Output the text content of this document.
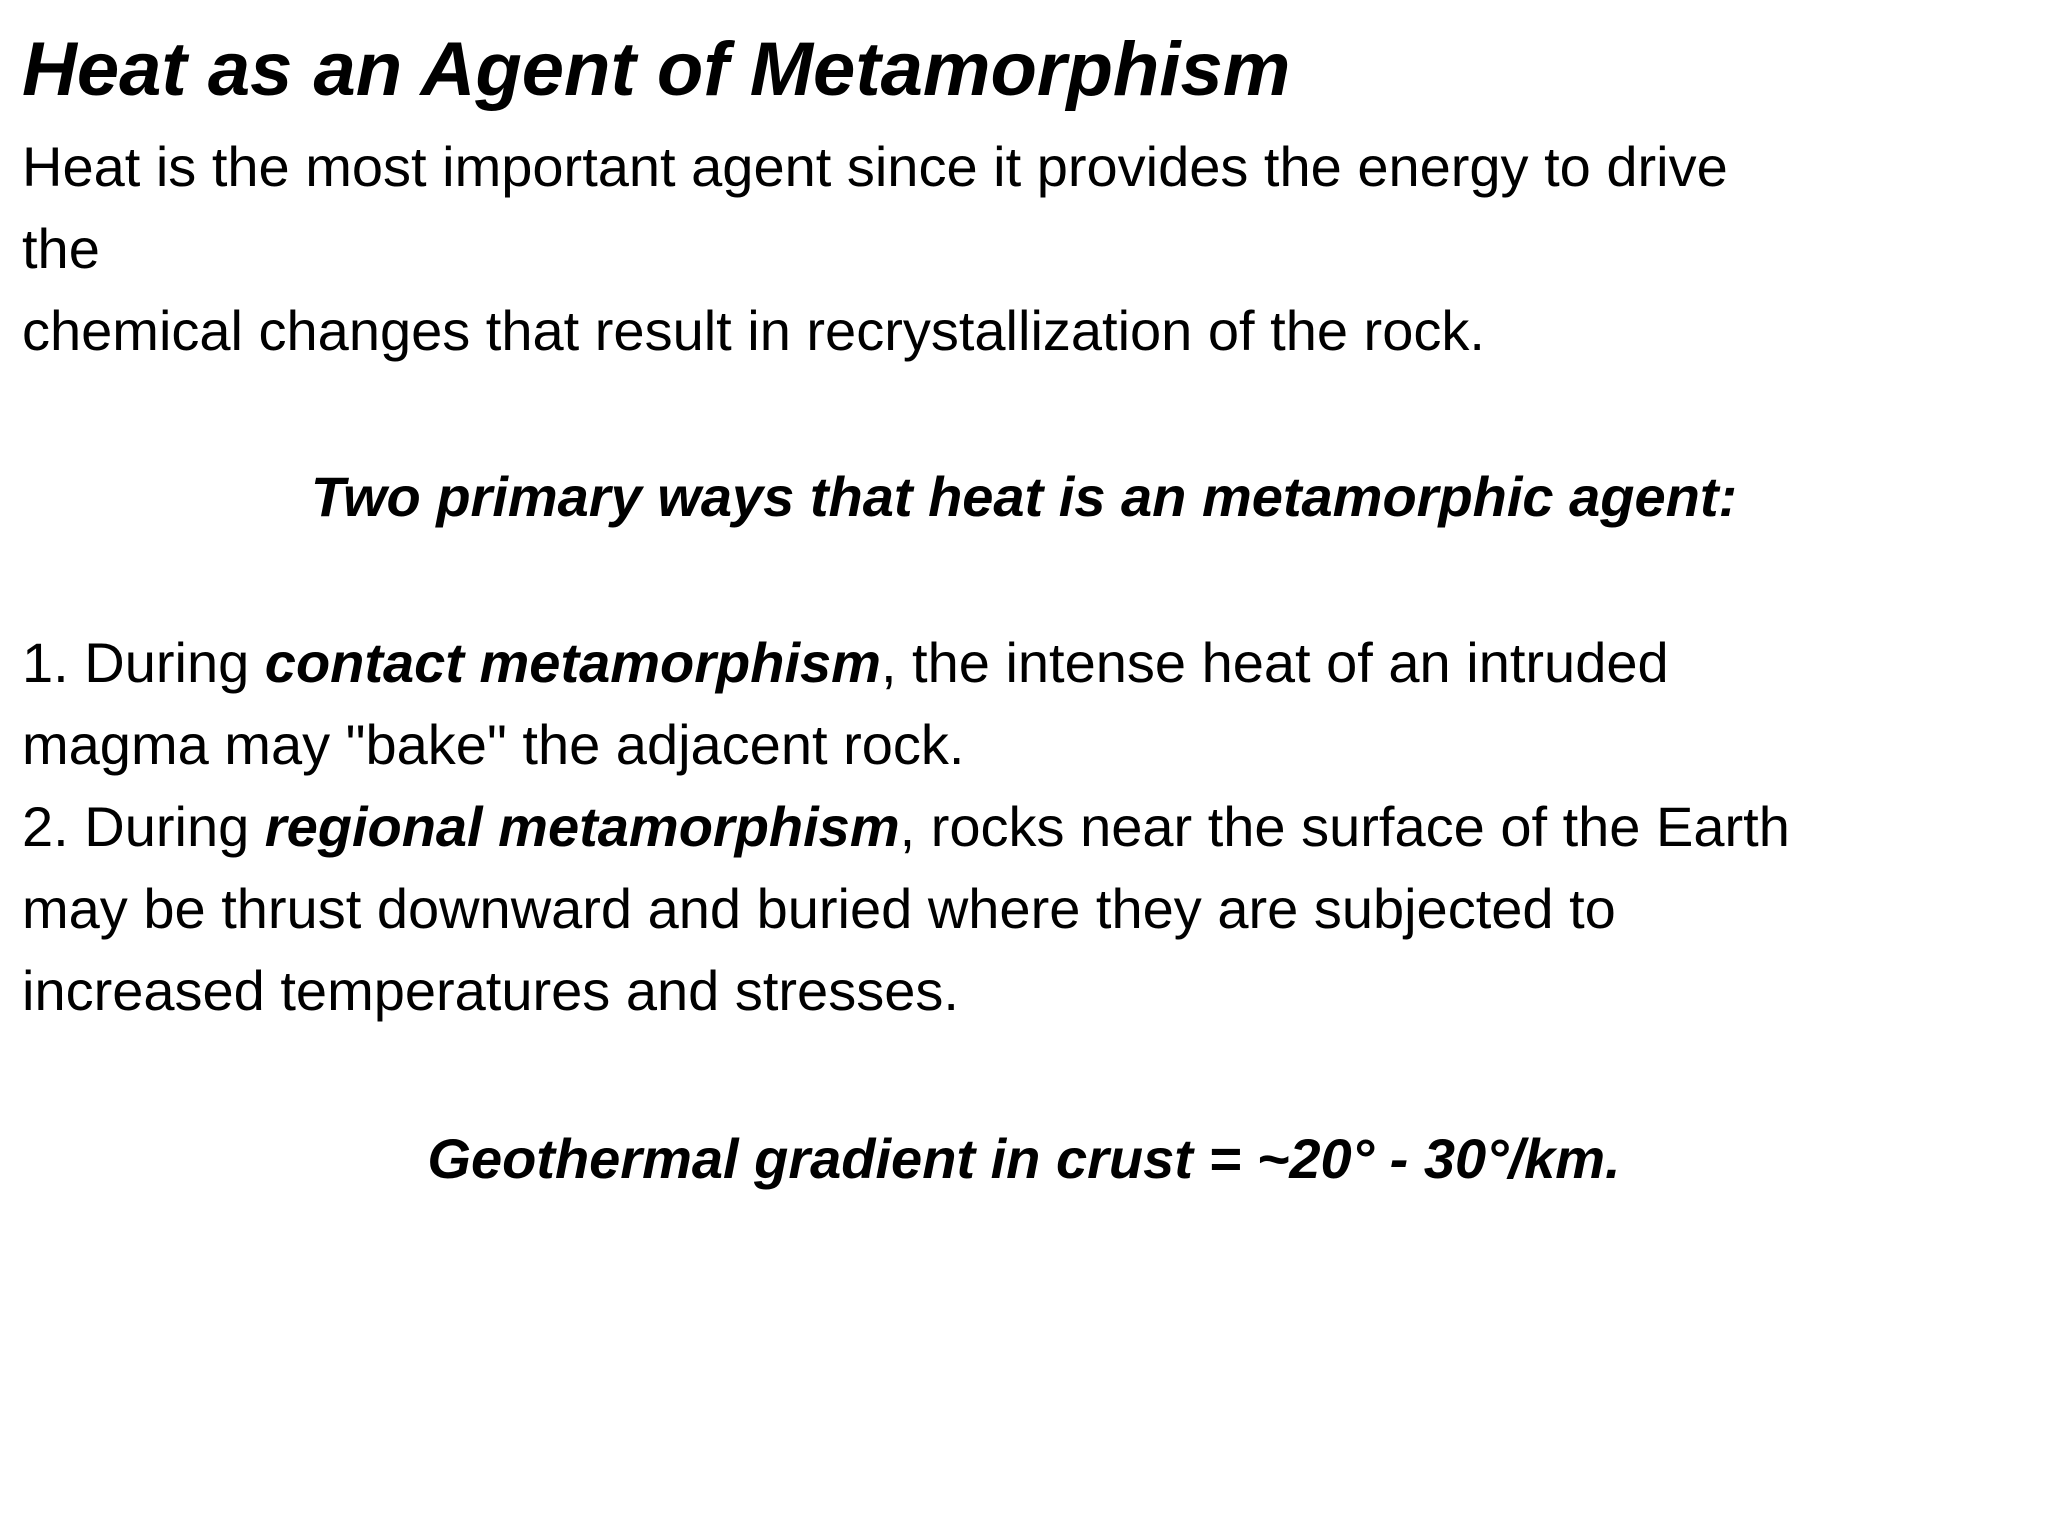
Heat as an Agent of Metamorphism

Heat is the most important agent since it provides the energy to drive
the
chemical changes that result in recrystallization of the rock.

Two primary ways that heat is an metamorphic agent:
1. During contact metamorphism, the intense heat of an intruded
magma may "bake" the adjacent rock.
2. During regional metamorphism, rocks near the surface of the Earth
may be thrust downward and buried where they are subjected to
increased temperatures and stresses.
Geothermal gradient in crust = ~20° - 30°/km.
